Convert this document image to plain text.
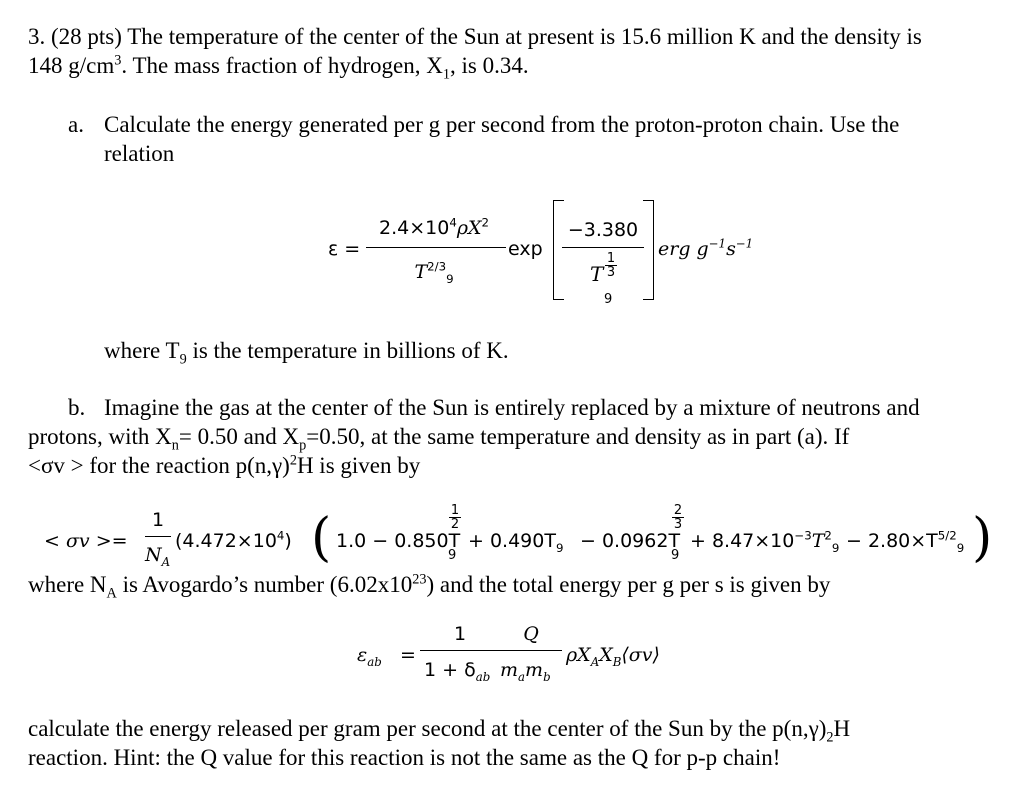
3. (28 pts) The temperature of the center of the Sun at present is 15.6 million K and the density is
148 $g/cm^3$. The mass fraction of hydrogen, $X_1$, is 0.34.
a. Calculate the energy generated per g per second from the proton-proton chain. Use the
relation
ε =
$2.4\times 10^4\rho X^2$
$T^{2/3}_9$
exp
−3.380
T $\frac{1}{3}$
9
erg $g^{-1}s^{-1}$
where $T_9$ is the temperature in billions of K.
b. Imagine the gas at the center of the Sun is entirely replaced by a mixture of neutrons and
protons, with $X_n= 0.50$ and $X_p=0.50$, at the same temperature and density as in part (a). If
<σv > for the reaction $p(n,\gamma)^2H$ is given by
< σv >=
1
$N_A$
$(4.472\times 10^4)$ ( 1.0 − 0.850T
$\frac{1}{2}$
9
+ $0.490T_9 - 0.0962T$
$\frac{2}{3}$
9
+ $8.47\times 10^{-3}T^2_9 - 2.80\times T^{5/2}_9$ )
where $N_A$ is Avogardo’s number $(6.02x10^{23})$ and the total energy per g per s is given by
$\varepsilon_{ab}$ =
1
$1 + \delta_{ab}$
Q
$m_am_b$
$\rho X_AX_B⟨\sigma v⟩$
calculate the energy released per gram per second at the center of the Sun by the $p(n,\gamma)_2H$
reaction. Hint: the Q value for this reaction is not the same as the Q for p-p chain!
